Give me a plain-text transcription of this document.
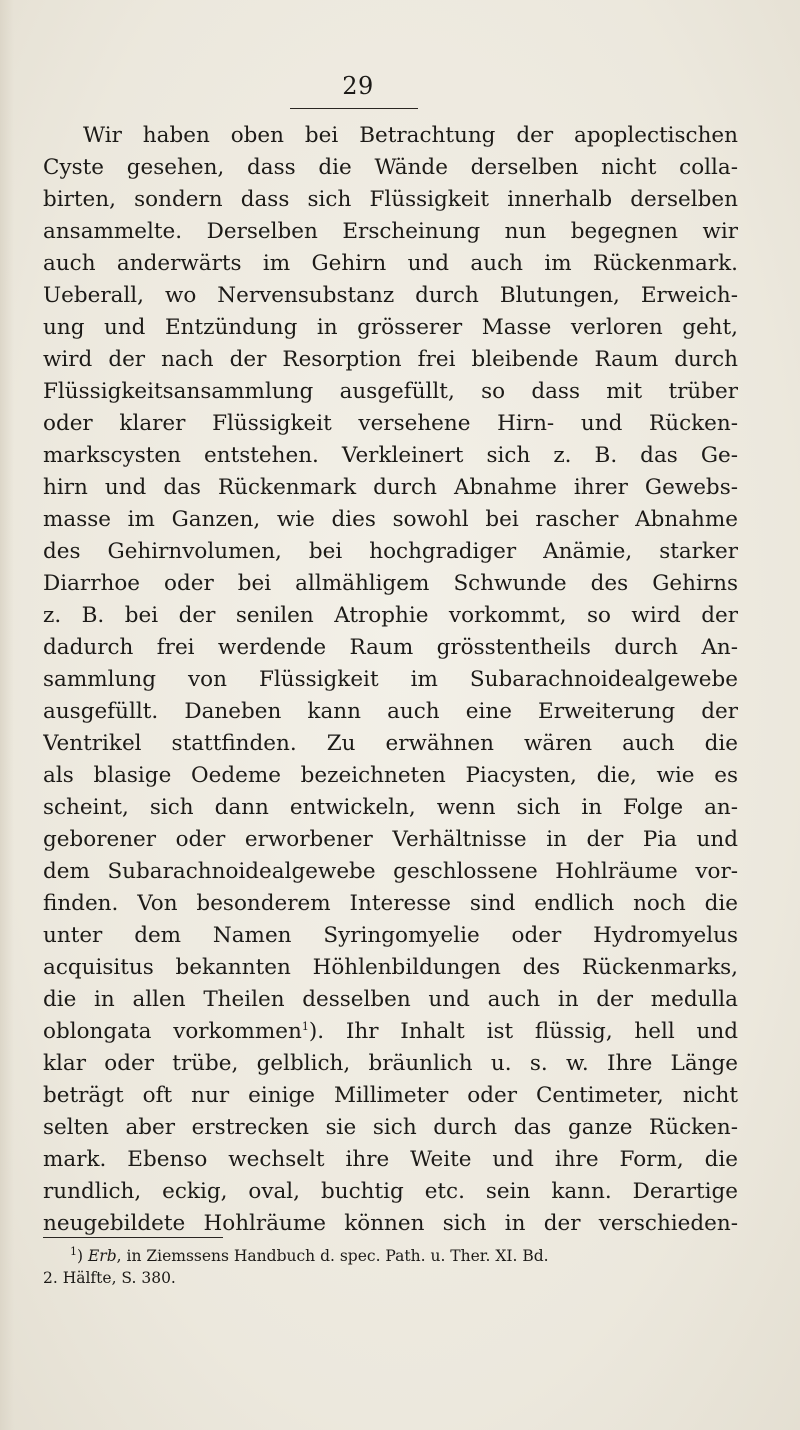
29
Wir haben oben bei Betrachtung der apoplectischen
Cyste gesehen, dass die Wände derselben nicht colla-
birten, sondern dass sich Flüssigkeit innerhalb derselben
ansammelte. Derselben Erscheinung nun begegnen wir
auch anderwärts im Gehirn und auch im Rückenmark.
Ueberall, wo Nervensubstanz durch Blutungen, Erweich-
ung und Entzündung in grösserer Masse verloren geht,
wird der nach der Resorption frei bleibende Raum durch
Flüssigkeitsansammlung ausgefüllt, so dass mit trüber
oder klarer Flüssigkeit versehene Hirn- und Rücken-
markscysten entstehen. Verkleinert sich z. B. das Ge-
hirn und das Rückenmark durch Abnahme ihrer Gewebs-
masse im Ganzen, wie dies sowohl bei rascher Abnahme
des Gehirnvolumen, bei hochgradiger Anämie, starker
Diarrhoe oder bei allmähligem Schwunde des Gehirns
z. B. bei der senilen Atrophie vorkommt, so wird der
dadurch frei werdende Raum grösstentheils durch An-
sammlung von Flüssigkeit im Subarachnoidealgewebe
ausgefüllt. Daneben kann auch eine Erweiterung der
Ventrikel stattfinden. Zu erwähnen wären auch die
als blasige Oedeme bezeichneten Piacysten, die, wie es
scheint, sich dann entwickeln, wenn sich in Folge an-
geborener oder erworbener Verhältnisse in der Pia und
dem Subarachnoidealgewebe geschlossene Hohlräume vor-
finden. Von besonderem Interesse sind endlich noch die
unter dem Namen Syringomyelie oder Hydromyelus
acquisitus bekannten Höhlenbildungen des Rückenmarks,
die in allen Theilen desselben und auch in der medulla
oblongata vorkommen$^1$). Ihr Inhalt ist flüssig, hell und
klar oder trübe, gelblich, bräunlich u. s. w. Ihre Länge
beträgt oft nur einige Millimeter oder Centimeter, nicht
selten aber erstrecken sie sich durch das ganze Rücken-
mark. Ebenso wechselt ihre Weite und ihre Form, die
rundlich, eckig, oval, buchtig etc. sein kann. Derartige
neugebildete Hohlräume können sich in der verschieden-
$^1$) Erb, in Ziemssens Handbuch d. spec. Path. u. Ther. XI. Bd.
2. Hälfte, S. 380.
